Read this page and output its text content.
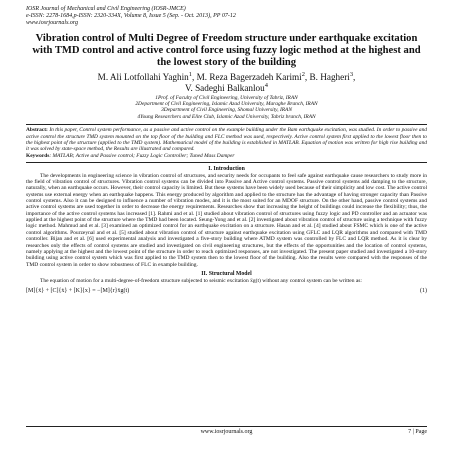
IOSR Journal of Mechanical and Civil Engineering (IOSR-JMCE)
e-ISSN: 2278-1684,p-ISSN: 2320-334X, Volume 8, Issue 5 (Sep. - Oct. 2013), PP 07-12
www.iosrjournals.org
Vibration control of Multi Degree of Freedom structure under earthquake excitation with TMD control and active control force using fuzzy logic method at the highest and the lowest story of the building
M. Ali Lotfollahi Yaghin$^1$, M. Reza Bagerzadeh Karimi$^2$, B. Hagheri$^3$,
V. Sadeghi Balkanlou$^4$
1Prof. of Faculty of Civil Engineering, University of Tabriz, IRAN
2Department of Civil Engineering, Islamic Azad University, Maraghe Branch, IRAN
3Department of Civil Engineering, Shomal University, IRAN
4Young Researchers and Elite Club, Islamic Azad University, Tabriz branch, IRAN
Abstract: In this paper, Control system performance, as a passive and active control on the example building under the Bam earthquake excitation, was studied. In order to passive and active control the structure TMD system mounted on the top floor of the building and FLC method was used, respectively. Active control system first applied to the lowest floor then to the highest point of the structure (applied to the TMD system). Mathematical model of the building is established in MATLAB. Equation of motion was written for high rise building and it was solved by state-space method, the Results are illustrated and compared.
Keywords: MATLAB; Active and Passive control; Fuzzy Logic Controller; Tuned Mass Damper
I. Introduction

The developments in engineering science in vibration control of structures, and security needs for occupants to feel safe against earthquake cause researchers to study more in the field of vibration control of structures. Vibration control systems can be divided into Passive and Active control systems. Passive control systems add damping to the structure, naturally, when an earthquake occurs. However, their control capacity is limited. But these systems have been widely used because of their simplicity and low cost. The active control systems use external energy when an earthquake happens. This energy produced by algorithm and applied to the structure has the advantage of having stronger capacity than Passive control systems. Also it can be designed to influence a number of vibration modes, and it is the most suited for an MDOF structure. On the other hand, passive control systems and active control systems are used together in order to decrease the energy requirements. Researches show that increasing the height of buildings could increase the flexibility; thus, the importance of the active control systems has increased [1]. Rahmi and et al. [1] studied about vibration control of structures using fuzzy logic and PD controller and an actuator was applied at the highest point of the structure where the TMD had been located. Seung-Yong and et al. [2] investigated about vibration control of structure using a technique with fuzzy logic method. Mahmud and et al. [3] examined an optimized control for an earthquake excitation on a structure. Hasan and et al. [4] studied about FSMC which is one of the active control algorithms. Pourzeynal and et al. [5] studied about vibration control of structure against earthquake excitation using GFLC and LQR algorithms and compared with TMD controller. Bijan and et al. [6] used experimental analysis and investigated a five-story building where ATMD system was controlled by FLC and LQR method. As it is clear by researches only the effects of control systems are studied and investigated on civil engineering structures, but the effects of the opportunities and the location of control systems, namely applying at the highest and the lowest point of the structure in order to reach optimized responses, are not investigated. The present paper studied and investigated a 10-story building using active control system which was first applied to the TMD system then to the lowest floor of the building. Also the results were compared with the responses of the TMD control system in order to show robustness of FLC in example building.

II. Structural Model

The equation of motion for a multi-degree-of-freedom structure subjected to seismic excitation ẍg(t) without any control system can be written as:

[M]{ẍ} + [C]{ẋ} + [K]{x} = −[M]{r}ẍg(t)	(1)
www.iosrjournals.org	7 | Page
